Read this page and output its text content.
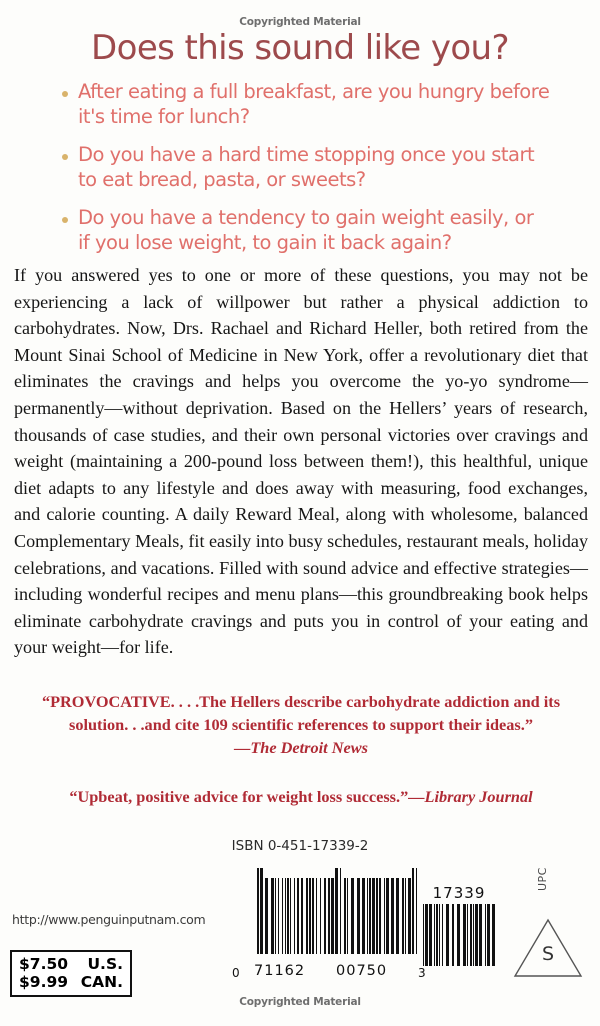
Copyrighted Material
Does this sound like you?
After eating a full breakfast, are you hungry before it's time for lunch?
Do you have a hard time stopping once you start to eat bread, pasta, or sweets?
Do you have a tendency to gain weight easily, or if you lose weight, to gain it back again?
If you answered yes to one or more of these questions, you may not be experiencing a lack of willpower but rather a physical addiction to carbohydrates. Now, Drs. Rachael and Richard Heller, both retired from the Mount Sinai School of Medicine in New York, offer a revolutionary diet that eliminates the cravings and helps you overcome the yo-yo syndrome—permanently—without deprivation. Based on the Hellers’ years of research, thousands of case studies, and their own personal victories over cravings and weight (maintaining a 200-pound loss between them!), this healthful, unique diet adapts to any lifestyle and does away with measuring, food exchanges, and calorie counting. A daily Reward Meal, along with wholesome, balanced Complementary Meals, fit easily into busy schedules, restaurant meals, holiday celebrations, and vacations. Filled with sound advice and effective strategies—including wonderful recipes and menu plans—this groundbreaking book helps eliminate carbohydrate cravings and puts you in control of your eating and your weight—for life.
“PROVOCATIVE. . . .The Hellers describe carbohydrate addiction and its solution. . .and cite 109 scientific references to support their ideas.”
—The Detroit News
“Upbeat, positive advice for weight loss success.”—Library Journal
ISBN 0-451-17339-2
http://www.penguinputnam.com
$7.50 U.S.
$9.99 CAN.
17339
0 71162 00750	3
UPC
S
Copyrighted Material
